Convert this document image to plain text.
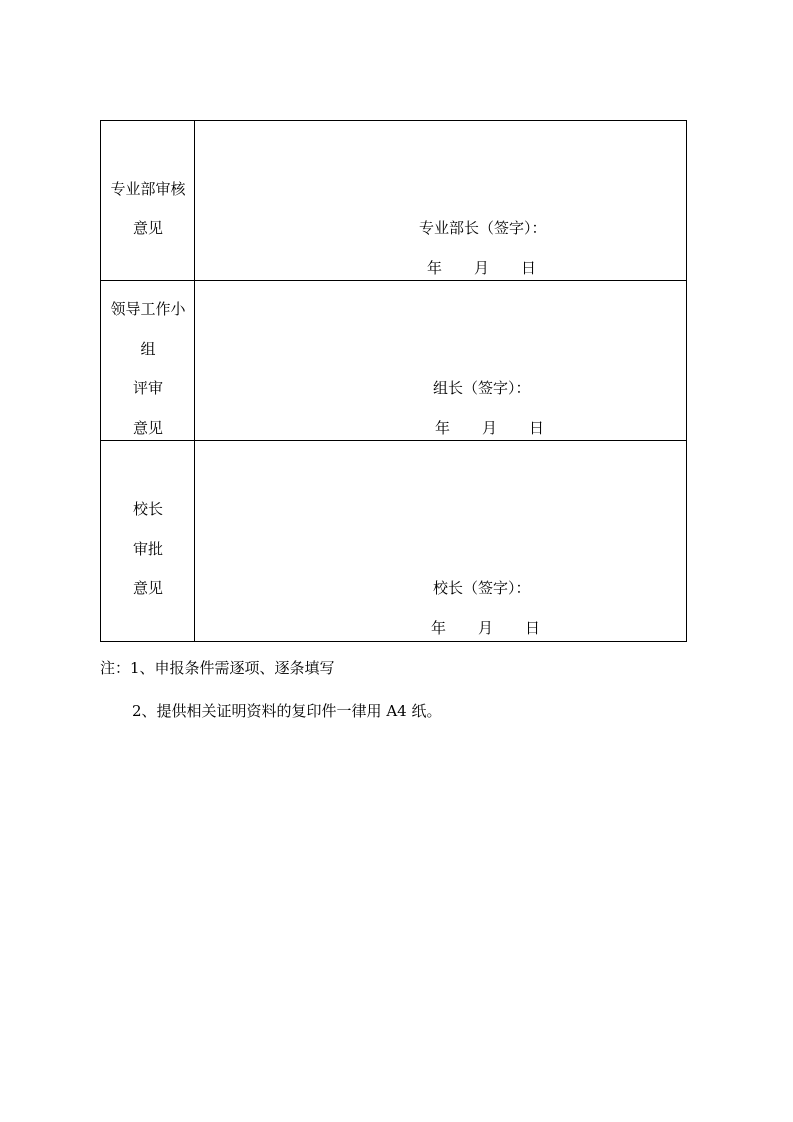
专业部审核
意见	专业部长（签字）：
年 月 日
领导工作小
组
评审
意见
组长（签字）：
年 月 日
校长
审批
意见	校长（签字）：
年 月 日
注：1、申报条件需逐项、逐条填写
2、提供相关证明资料的复印件一律用 A4 纸。
